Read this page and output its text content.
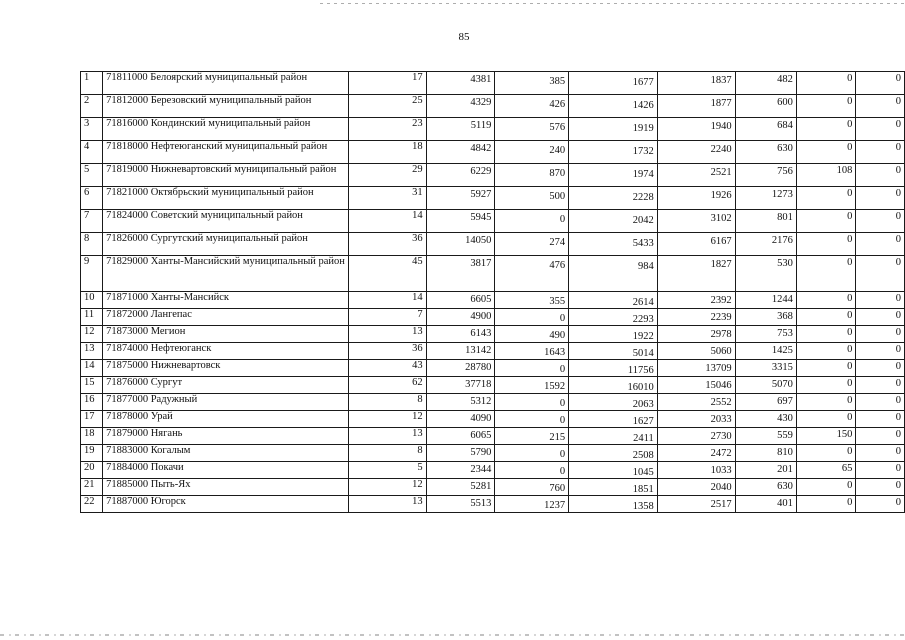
85
1	71811000 Белоярский муниципальный район	17	4381	385	1677	1837	482	0	0
2	71812000 Березовский муниципальный район	25	4329	426	1426	1877	600	0	0
3	71816000 Кондинский муниципальный район	23	5119	576	1919	1940	684	0	0
4	71818000 Нефтеюганский муниципальный район	18	4842	240	1732	2240	630	0	0
5	71819000 Нижневартовский муниципальный район	29	6229	870	1974	2521	756	108	0
6	71821000 Октябрьский муниципальный район	31	5927	500	2228	1926	1273	0	0
7	71824000 Советский муниципальный район	14	5945	0	2042	3102	801	0	0
8	71826000 Сургутский муниципальный район	36	14050	274	5433	6167	2176	0	0
9	71829000 Ханты-Мансийский муниципальный район	45	3817	476	984	1827	530	0	0
10	71871000 Ханты-Мансийск	14	6605	355	2614	2392	1244	0	0
11	71872000 Лангепас	7	4900	0	2293	2239	368	0	0
12	71873000 Мегион	13	6143	490	1922	2978	753	0	0
13	71874000 Нефтеюганск	36	13142	1643	5014	5060	1425	0	0
14	71875000 Нижневартовск	43	28780	0	11756	13709	3315	0	0
15	71876000 Сургут	62	37718	1592	16010	15046	5070	0	0
16	71877000 Радужный	8	5312	0	2063	2552	697	0	0
17	71878000 Урай	12	4090	0	1627	2033	430	0	0
18	71879000 Нягань	13	6065	215	2411	2730	559	150	0
19	71883000 Когалым	8	5790	0	2508	2472	810	0	0
20	71884000 Покачи	5	2344	0	1045	1033	201	65	0
21	71885000 Пыть-Ях	12	5281	760	1851	2040	630	0	0
22	71887000 Югорск	13	5513	1237	1358	2517	401	0	0
